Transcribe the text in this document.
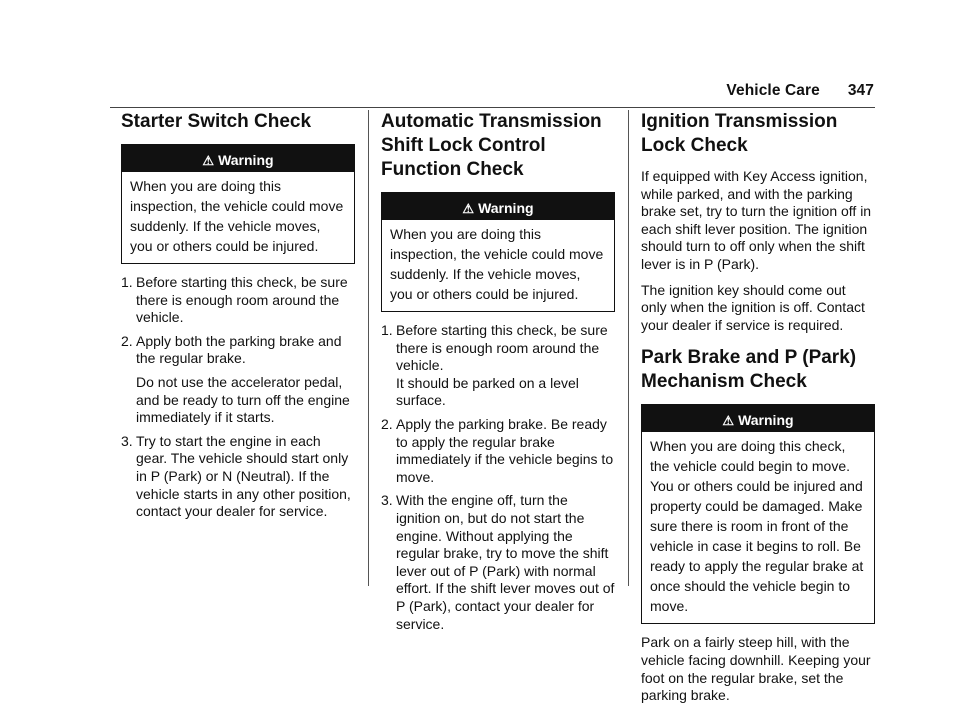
Vehicle Care 347
Starter Switch Check
⚠ Warning
When you are doing this inspection, the vehicle could move suddenly. If the vehicle moves, you or others could be injured.
1. Before starting this check, be sure there is enough room around the vehicle.
2. Apply both the parking brake and the regular brake.
Do not use the accelerator pedal, and be ready to turn off the engine immediately if it starts.
3. Try to start the engine in each gear. The vehicle should start only in P (Park) or N (Neutral). If the vehicle starts in any other position, contact your dealer for service.
Automatic Transmission Shift Lock Control Function Check
⚠ Warning
When you are doing this inspection, the vehicle could move suddenly. If the vehicle moves, you or others could be injured.
1. Before starting this check, be sure there is enough room around the vehicle.
It should be parked on a level surface.
2. Apply the parking brake. Be ready to apply the regular brake immediately if the vehicle begins to move.
3. With the engine off, turn the ignition on, but do not start the engine. Without applying the regular brake, try to move the shift lever out of P (Park) with normal effort. If the shift lever moves out of P (Park), contact your dealer for service.
Ignition Transmission Lock Check

If equipped with Key Access ignition, while parked, and with the parking brake set, try to turn the ignition off in each shift lever position. The ignition should turn to off only when the shift lever is in P (Park).

The ignition key should come out only when the ignition is off. Contact your dealer if service is required.

Park Brake and P (Park) Mechanism Check
⚠ Warning
When you are doing this check, the vehicle could begin to move. You or others could be injured and property could be damaged. Make sure there is room in front of the vehicle in case it begins to roll. Be ready to apply the regular brake at once should the vehicle begin to move.

Park on a fairly steep hill, with the vehicle facing downhill. Keeping your foot on the regular brake, set the parking brake.
